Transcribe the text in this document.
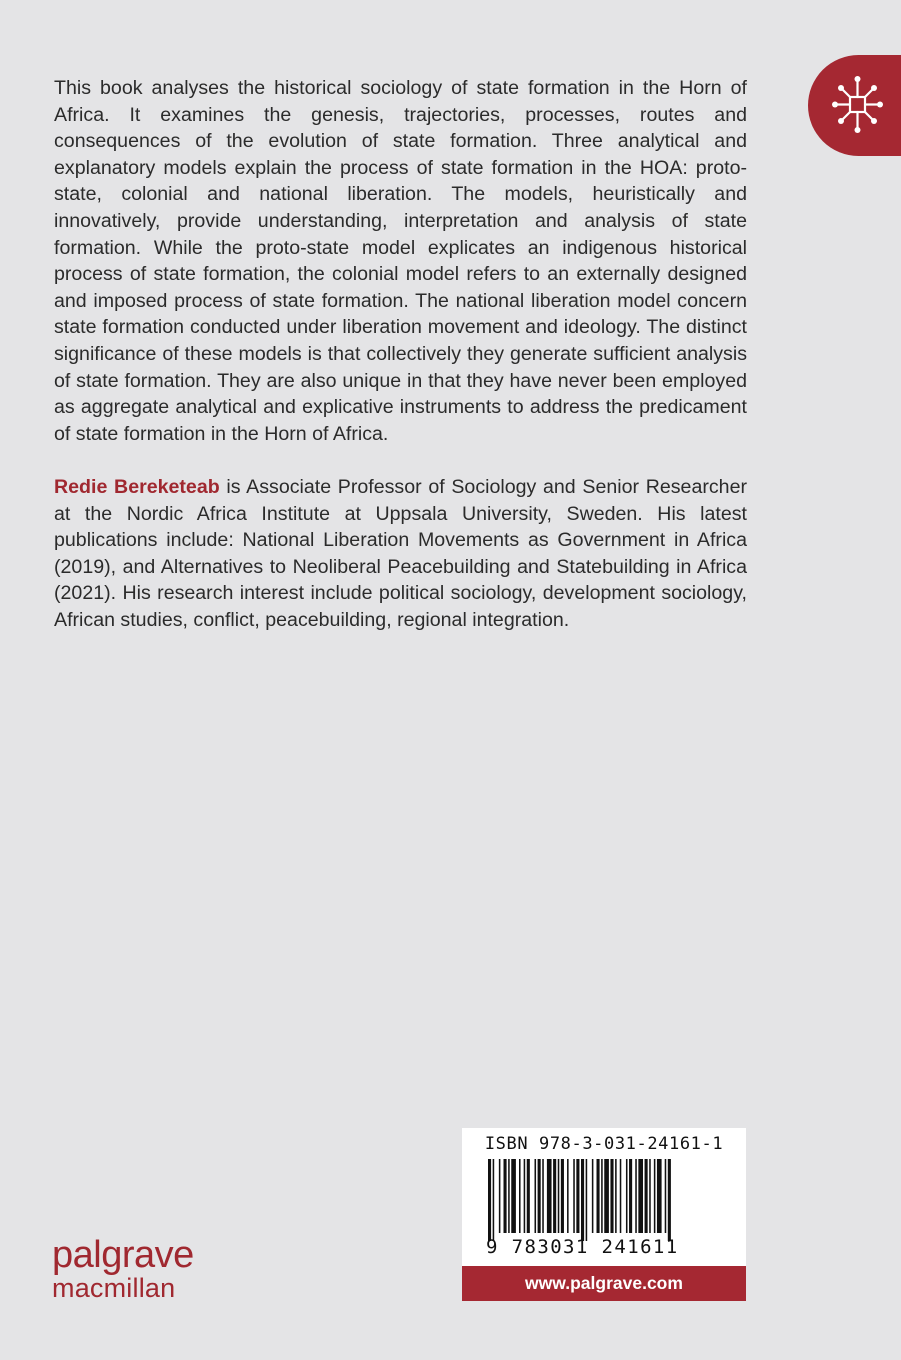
This book analyses the historical sociology of state formation in the Horn of Africa. It examines the genesis, trajectories, processes, routes and consequences of the evolution of state formation. Three analytical and explanatory models explain the process of state formation in the HOA: proto-state, colonial and national liberation. The models, heuristically and innovatively, provide understanding, interpretation and analysis of state formation. While the proto-state model explicates an indigenous historical process of state formation, the colonial model refers to an externally designed and imposed process of state formation. The national liberation model concern state formation conducted under liberation movement and ideology. The distinct significance of these models is that collectively they generate sufficient analysis of state formation. They are also unique in that they have never been employed as aggregate analytical and explicative instruments to address the predicament of state formation in the Horn of Africa.

Redie Bereketeab is Associate Professor of Sociology and Senior Researcher at the Nordic Africa Institute at Uppsala University, Sweden. His latest publications include: National Liberation Movements as Government in Africa (2019), and Alternatives to Neoliberal Peacebuilding and Statebuilding in Africa (2021). His research interest include political sociology, development sociology, African studies, conflict, peacebuilding, regional integration.

palgrave
macmillan
ISBN 978-3-031-24161-1
9 783031 241611
www.palgrave.com
